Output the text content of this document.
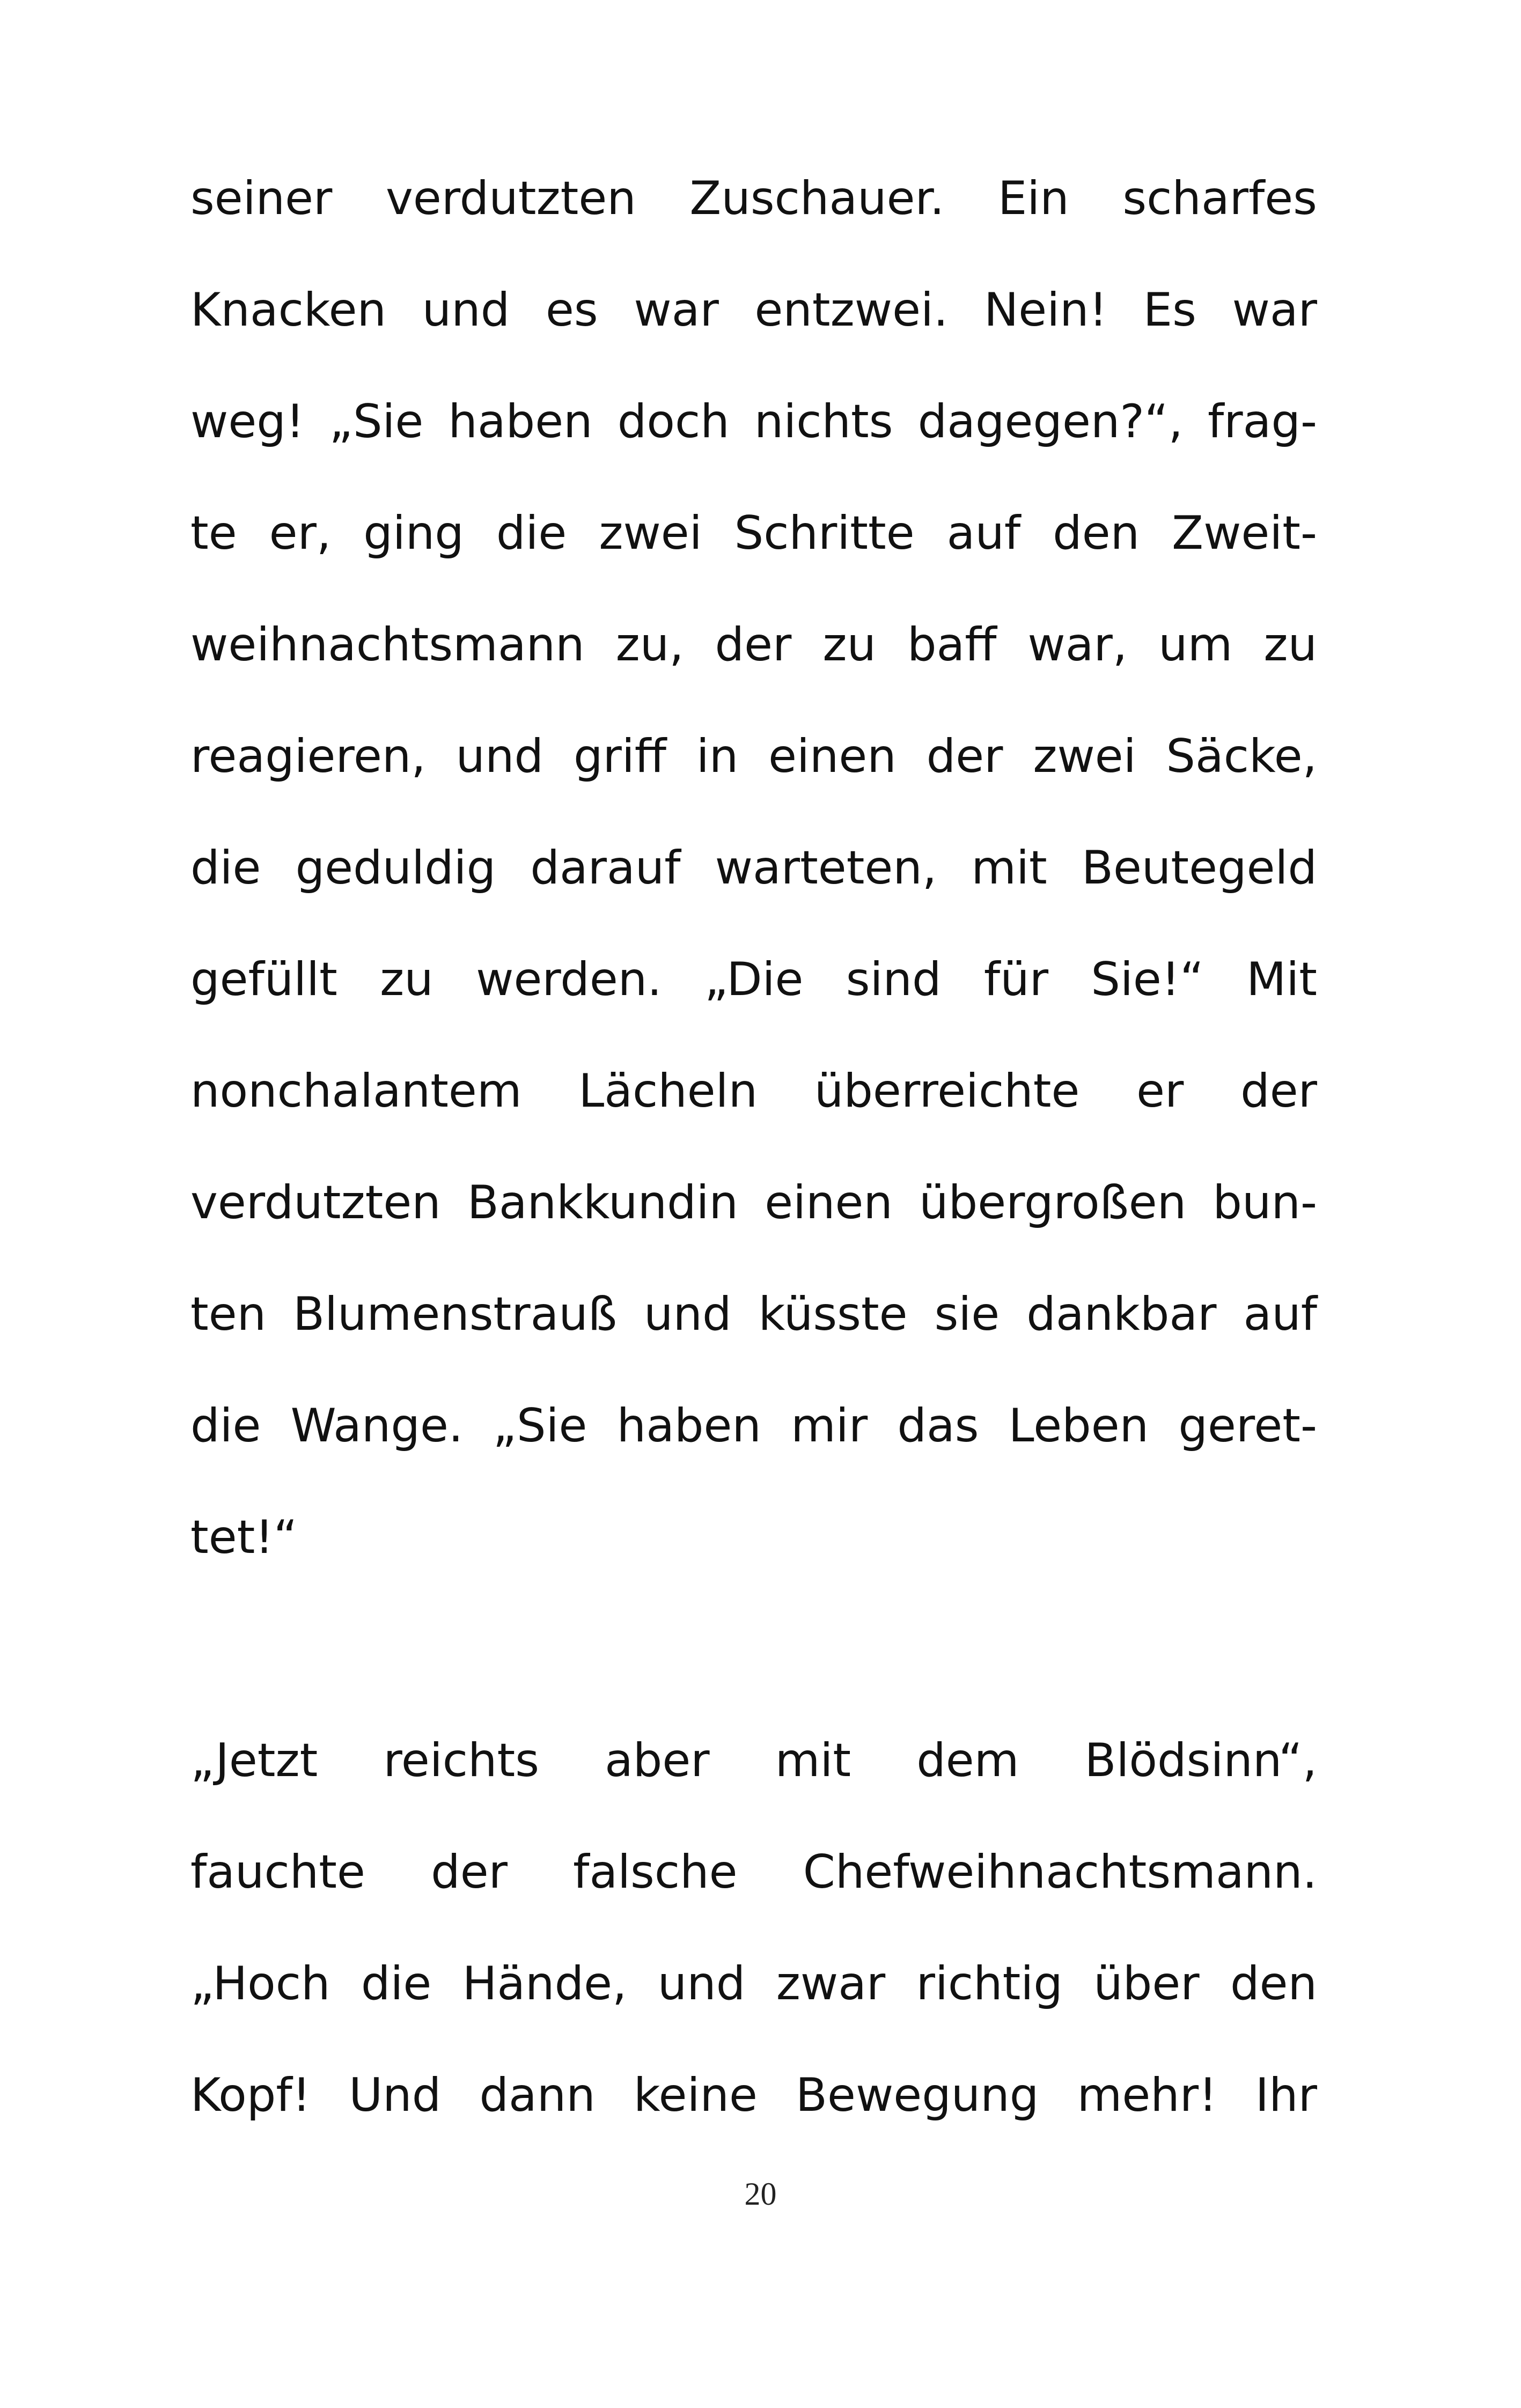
seiner verdutzten Zuschauer. Ein scharfes
Knacken und es war entzwei. Nein! Es war
weg! „Sie haben doch nichts dagegen?“, frag-
te er, ging die zwei Schritte auf den Zweit-
weihnachtsmann zu, der zu baff war, um zu
reagieren, und griff in einen der zwei Säcke,
die geduldig darauf warteten, mit Beutegeld
gefüllt zu werden. „Die sind für Sie!“ Mit
nonchalantem Lächeln überreichte er der
verdutzten Bankkundin einen übergroßen bun-
ten Blumenstrauß und küsste sie dankbar auf
die Wange. „Sie haben mir das Leben geret-
tet!“
„Jetzt reichts aber mit dem Blödsinn“,
fauchte der falsche Chefweihnachtsmann.
„Hoch die Hände, und zwar richtig über den
Kopf! Und dann keine Bewegung mehr! Ihr
20
